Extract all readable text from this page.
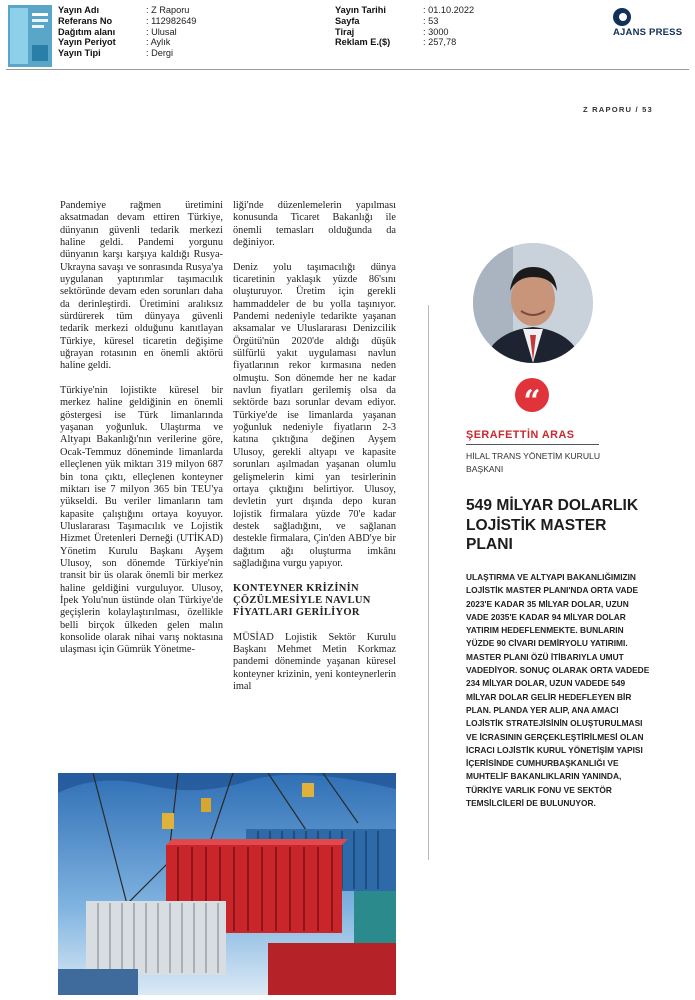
Yayın Adı	: Z Raporu
Referans No	: 112982649
Dağıtım alanı	: Ulusal
Yayın Periyot	: Aylık
Yayın Tipi	: Dergi
Yayın Tarihi	: 01.10.2022
Sayfa	: 53
Tiraj	: 3000
Reklam E.($)	: 257,78
AJANS PRESS
Z RAPORU / 53

Pandemiye rağmen üretimini aksatmadan devam ettiren Türkiye, dünyanın güvenli tedarik merkezi haline geldi. Pandemi yorgunu dünyanın karşı karşıya kaldığı Rusya-Ukrayna savaşı ve sonrasında Rusya'ya uygulanan yaptırımlar taşımacılık sektöründe devam eden sorunları daha da derinleştirdi. Üretimini aralıksız sürdürerek tüm dünyaya güvenli tedarik merkezi olduğunu kanıtlayan Türkiye, küresel ticaretin değişime uğrayan rotasının en önemli aktörü haline geldi.

Türkiye'nin lojistikte küresel bir merkez haline geldiğinin en önemli göstergesi ise Türk limanlarında yaşanan yoğunluk. Ulaştırma ve Altyapı Bakanlığı'nın verilerine göre, Ocak-Temmuz döneminde limanlarda elleçlenen yük miktarı 319 milyon 687 bin tona çıktı, elleçlenen konteyner miktarı ise 7 milyon 365 bin TEU'ya yükseldi. Bu veriler limanların tam kapasite çalıştığını ortaya koyuyor. Uluslararası Taşımacılık ve Lojistik Hizmet Üretenleri Derneği (UTİKAD) Yönetim Kurulu Başkanı Ayşem Ulusoy, son dönemde Türkiye'nin transit bir üs olarak önemli bir merkez haline geldiğini vurguluyor. Ulusoy, İpek Yolu'nun üstünde olan Türkiye'de geçişlerin kolaylaştırılması, özellikle belli birçok ülkeden gelen malın konsolide olarak nihai varış noktasına ulaşması için Gümrük Yönetme-

liği'nde düzenlemelerin yapılması konusunda Ticaret Bakanlığı ile önemli temasları olduğunda da değiniyor.

Deniz yolu taşımacılığı dünya ticaretinin yaklaşık yüzde 86'sını oluşturuyor. Üretim için gerekli hammaddeler de bu yolla taşınıyor. Pandemi nedeniyle tedarikte yaşanan aksamalar ve Uluslararası Denizcilik Örgütü'nün 2020'de aldığı düşük sülfürlü yakıt uygulaması navlun fiyatlarının rekor kırmasına neden olmuştu. Son dönemde her ne kadar navlun fiyatları gerilemiş olsa da sektörde bazı sorunlar devam ediyor. Türkiye'de ise limanlarda yaşanan yoğunluk nedeniyle fiyatların 2-3 katına çıktığına değinen Ayşem Ulusoy, gerekli altyapı ve kapasite sorunları aşılmadan yaşanan olumlu gelişmelerin kimi yan tesirlerinin ortaya çıktığını belirtiyor. Ulusoy, devletin yurt dışında depo kuran lojistik firmalara yüzde 70'e kadar destek sağladığını, ve sağlanan destekle firmalara, Çin'den ABD'ye bir dağıtım ağı oluşturma imkânı sağladığına vurgu yapıyor.

KONTEYNER KRİZİNİN ÇÖZÜLMESİYLE NAVLUN FİYATLARI GERİLİYOR

MÜSİAD Lojistik Sektör Kurulu Başkanı Mehmet Metin Korkmaz pandemi döneminde yaşanan küresel konteyner krizinin, yeni konteynerlerin imal

“
ŞERAFETTİN ARAS
HİLAL TRANS YÖNETİM KURULU BAŞKANI
549 MİLYAR DOLARLIK LOJİSTİK MASTER PLANI
ULAŞTIRMA VE ALTYAPI BAKANLIĞIMIZIN LOJİSTİK MASTER PLANI'NDA ORTA VADE 2023'E KADAR 35 MİLYAR DOLAR, UZUN VADE 2035'E KADAR 94 MİLYAR DOLAR YATIRIM HEDEFLENMEKTE. BUNLARIN YÜZDE 90 CİVARI DEMİRYOLU YATIRIMI. MASTER PLANI ÖZÜ İTİBARIYLA UMUT VADEDİYOR. SONUÇ OLARAK ORTA VADEDE 234 MİLYAR DOLAR, UZUN VADEDE 549 MİLYAR DOLAR GELİR HEDEFLEYEN BİR PLAN. PLANDA YER ALIP, ANA AMACI LOJİSTİK STRATEJİSİNİN OLUŞTURULMASI VE İCRASININ GERÇEKLEŞTİRİLMESİ OLAN İCRACI LOJİSTİK KURUL YÖNETİŞİM YAPISI İÇERİSİNDE CUMHURBAŞKANLIĞI VE MUHTELİF BAKANLIKLARIN YANINDA, TÜRKİYE VARLIK FONU VE SEKTÖR TEMSİLCİLERİ DE BULUNUYOR.
